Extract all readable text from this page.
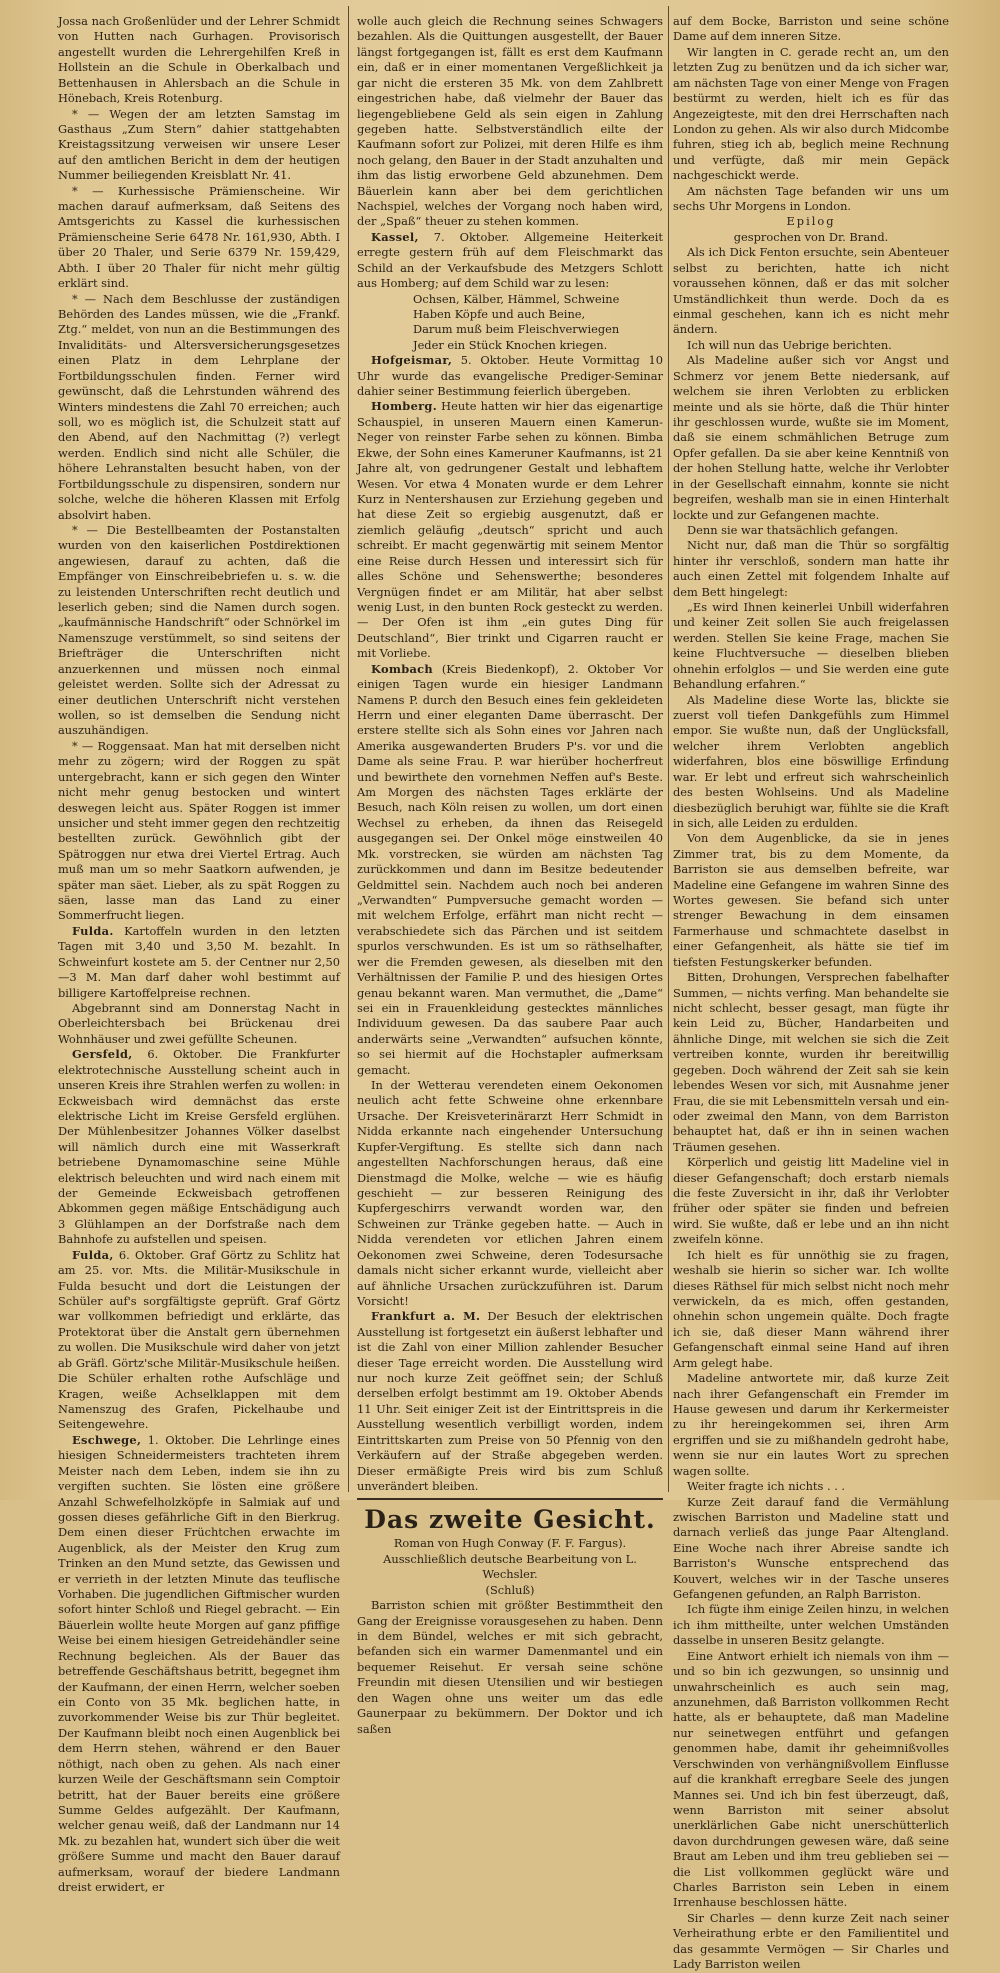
Jossa nach Großenlüder und der Lehrer Schmidt von Hutten nach Gurhagen. Provisorisch angestellt wurden die Lehrergehilfen Kreß in Hollstein an die Schule in Oberkalbach und Bettenhausen in Ahlersbach an die Schule in Hönebach, Kreis Rotenburg.

* — Wegen der am letzten Samstag im Gasthaus „Zum Stern“ dahier stattgehabten Kreistagssitzung verweisen wir unsere Leser auf den amtlichen Bericht in dem der heutigen Nummer beiliegenden Kreisblatt Nr. 41.

* — Kurhessische Prämienscheine. Wir machen darauf aufmerksam, daß Seitens des Amtsgerichts zu Kassel die kurhessischen Prämienscheine Serie 6478 Nr. 161,930, Abth. I über 20 Thaler, und Serie 6379 Nr. 159,429, Abth. I über 20 Thaler für nicht mehr gültig erklärt sind.

* — Nach dem Beschlusse der zuständigen Behörden des Landes müssen, wie die „Frankf. Ztg.“ meldet, von nun an die Bestimmungen des Invaliditäts- und Altersversicherungsgesetzes einen Platz in dem Lehrplane der Fortbildungsschulen finden. Ferner wird gewünscht, daß die Lehrstunden während des Winters mindestens die Zahl 70 erreichen; auch soll, wo es möglich ist, die Schulzeit statt auf den Abend, auf den Nachmittag (?) verlegt werden. Endlich sind nicht alle Schüler, die höhere Lehranstalten besucht haben, von der Fortbildungsschule zu dispensiren, sondern nur solche, welche die höheren Klassen mit Erfolg absolvirt haben.

* — Die Bestellbeamten der Postanstalten wurden von den kaiserlichen Postdirektionen angewiesen, darauf zu achten, daß die Empfänger von Einschreibebriefen u. s. w. die zu leistenden Unterschriften recht deutlich und leserlich geben; sind die Namen durch sogen. „kaufmännische Handschrift“ oder Schnörkel im Namenszuge verstümmelt, so sind seitens der Briefträger die Unterschriften nicht anzuerkennen und müssen noch einmal geleistet werden. Sollte sich der Adressat zu einer deutlichen Unterschrift nicht verstehen wollen, so ist demselben die Sendung nicht auszuhändigen.

* — Roggensaat. Man hat mit derselben nicht mehr zu zögern; wird der Roggen zu spät untergebracht, kann er sich gegen den Winter nicht mehr genug bestocken und wintert deswegen leicht aus. Später Roggen ist immer unsicher und steht immer gegen den rechtzeitig bestellten zurück. Gewöhnlich gibt der Spätroggen nur etwa drei Viertel Ertrag. Auch muß man um so mehr Saatkorn aufwenden, je später man säet. Lieber, als zu spät Roggen zu säen, lasse man das Land zu einer Sommerfrucht liegen.

Fulda. Kartoffeln wurden in den letzten Tagen mit 3,40 und 3,50 M. bezahlt. In Schweinfurt kostete am 5. der Centner nur 2,50—3 M. Man darf daher wohl bestimmt auf billigere Kartoffelpreise rechnen.

Abgebrannt sind am Donnerstag Nacht in Oberleichtersbach bei Brückenau drei Wohnhäuser und zwei gefüllte Scheunen.

Gersfeld, 6. Oktober. Die Frankfurter elektrotechnische Ausstellung scheint auch in unseren Kreis ihre Strahlen werfen zu wollen: in Eckweisbach wird demnächst das erste elektrische Licht im Kreise Gersfeld erglühen. Der Mühlenbesitzer Johannes Völker daselbst will nämlich durch eine mit Wasserkraft betriebene Dynamomaschine seine Mühle elektrisch beleuchten und wird nach einem mit der Gemeinde Eckweisbach getroffenen Abkommen gegen mäßige Entschädigung auch 3 Glühlampen an der Dorfstraße nach dem Bahnhofe zu aufstellen und speisen.

Fulda, 6. Oktober. Graf Görtz zu Schlitz hat am 25. vor. Mts. die Militär-Musikschule in Fulda besucht und dort die Leistungen der Schüler auf's sorgfältigste geprüft. Graf Görtz war vollkommen befriedigt und erklärte, das Protektorat über die Anstalt gern übernehmen zu wollen. Die Musikschule wird daher von jetzt ab Gräfl. Görtz'sche Militär-Musikschule heißen. Die Schüler erhalten rothe Aufschläge und Kragen, weiße Achselklappen mit dem Namenszug des Grafen, Pickelhaube und Seitengewehre.

Eschwege, 1. Oktober. Die Lehrlinge eines hiesigen Schneidermeisters trachteten ihrem Meister nach dem Leben, indem sie ihn zu vergiften suchten. Sie lösten eine größere Anzahl Schwefelholzköpfe in Salmiak auf und gossen dieses gefährliche Gift in den Bierkrug. Dem einen dieser Früchtchen erwachte im Augenblick, als der Meister den Krug zum Trinken an den Mund setzte, das Gewissen und er verrieth in der letzten Minute das teuflische Vorhaben. Die jugendlichen Giftmischer wurden sofort hinter Schloß und Riegel gebracht. — Ein Bäuerlein wollte heute Morgen auf ganz pfiffige Weise bei einem hiesigen Getreidehändler seine Rechnung begleichen. Als der Bauer das betreffende Geschäftshaus betritt, begegnet ihm der Kaufmann, der einen Herrn, welcher soeben ein Conto von 35 Mk. beglichen hatte, in zuvorkommender Weise bis zur Thür begleitet. Der Kaufmann bleibt noch einen Augenblick bei dem Herrn stehen, während er den Bauer nöthigt, nach oben zu gehen. Als nach einer kurzen Weile der Geschäftsmann sein Comptoir betritt, hat der Bauer bereits eine größere Summe Geldes aufgezählt. Der Kaufmann, welcher genau weiß, daß der Landmann nur 14 Mk. zu bezahlen hat, wundert sich über die weit größere Summe und macht den Bauer darauf aufmerksam, worauf der biedere Landmann dreist erwidert, er

wolle auch gleich die Rechnung seines Schwagers bezahlen. Als die Quittungen ausgestellt, der Bauer längst fortgegangen ist, fällt es erst dem Kaufmann ein, daß er in einer momentanen Vergeßlichkeit ja gar nicht die ersteren 35 Mk. von dem Zahlbrett eingestrichen habe, daß vielmehr der Bauer das liegengebliebene Geld als sein eigen in Zahlung gegeben hatte. Selbstverständlich eilte der Kaufmann sofort zur Polizei, mit deren Hilfe es ihm noch gelang, den Bauer in der Stadt anzuhalten und ihm das listig erworbene Geld abzunehmen. Dem Bäuerlein kann aber bei dem gerichtlichen Nachspiel, welches der Vorgang noch haben wird, der „Spaß“ theuer zu stehen kommen.

Kassel, 7. Oktober. Allgemeine Heiterkeit erregte gestern früh auf dem Fleischmarkt das Schild an der Verkaufsbude des Metzgers Schlott aus Homberg; auf dem Schild war zu lesen:

Ochsen, Kälber, Hämmel, Schweine
Haben Köpfe und auch Beine,
Darum muß beim Fleischverwiegen
Jeder ein Stück Knochen kriegen.

Hofgeismar, 5. Oktober. Heute Vormittag 10 Uhr wurde das evangelische Prediger-Seminar dahier seiner Bestimmung feierlich übergeben.

Homberg. Heute hatten wir hier das eigenartige Schauspiel, in unseren Mauern einen Kamerun-Neger von reinster Farbe sehen zu können. Bimba Ekwe, der Sohn eines Kameruner Kaufmanns, ist 21 Jahre alt, von gedrungener Gestalt und lebhaftem Wesen. Vor etwa 4 Monaten wurde er dem Lehrer Kurz in Nentershausen zur Erziehung gegeben und hat diese Zeit so ergiebig ausgenutzt, daß er ziemlich geläufig „deutsch“ spricht und auch schreibt. Er macht gegenwärtig mit seinem Mentor eine Reise durch Hessen und interessirt sich für alles Schöne und Sehenswerthe; besonderes Vergnügen findet er am Militär, hat aber selbst wenig Lust, in den bunten Rock gesteckt zu werden. — Der Ofen ist ihm „ein gutes Ding für Deutschland“, Bier trinkt und Cigarren raucht er mit Vorliebe.

Kombach (Kreis Biedenkopf), 2. Oktober Vor einigen Tagen wurde ein hiesiger Landmann Namens P. durch den Besuch eines fein gekleideten Herrn und einer eleganten Dame überrascht. Der erstere stellte sich als Sohn eines vor Jahren nach Amerika ausgewanderten Bruders P's. vor und die Dame als seine Frau. P. war hierüber hocherfreut und bewirthete den vornehmen Neffen auf's Beste. Am Morgen des nächsten Tages erklärte der Besuch, nach Köln reisen zu wollen, um dort einen Wechsel zu erheben, da ihnen das Reisegeld ausgegangen sei. Der Onkel möge einstweilen 40 Mk. vorstrecken, sie würden am nächsten Tag zurückkommen und dann im Besitze bedeutender Geldmittel sein. Nachdem auch noch bei anderen „Verwandten“ Pumpversuche gemacht worden — mit welchem Erfolge, erfährt man nicht recht — verabschiedete sich das Pärchen und ist seitdem spurlos verschwunden. Es ist um so räthselhafter, wer die Fremden gewesen, als dieselben mit den Verhältnissen der Familie P. und des hiesigen Ortes genau bekannt waren. Man vermuthet, die „Dame“ sei ein in Frauenkleidung gestecktes männliches Individuum gewesen. Da das saubere Paar auch anderwärts seine „Verwandten“ aufsuchen könnte, so sei hiermit auf die Hochstapler aufmerksam gemacht.

In der Wetterau verendeten einem Oekonomen neulich acht fette Schweine ohne erkennbare Ursache. Der Kreisveterinärarzt Herr Schmidt in Nidda erkannte nach eingehender Untersuchung Kupfer-Vergiftung. Es stellte sich dann nach angestellten Nachforschungen heraus, daß eine Dienstmagd die Molke, welche — wie es häufig geschieht — zur besseren Reinigung des Kupfergeschirrs verwandt worden war, den Schweinen zur Tränke gegeben hatte. — Auch in Nidda verendeten vor etlichen Jahren einem Oekonomen zwei Schweine, deren Todesursache damals nicht sicher erkannt wurde, vielleicht aber auf ähnliche Ursachen zurückzuführen ist. Darum Vorsicht!

Frankfurt a. M. Der Besuch der elektrischen Ausstellung ist fortgesetzt ein äußerst lebhafter und ist die Zahl von einer Million zahlender Besucher dieser Tage erreicht worden. Die Ausstellung wird nur noch kurze Zeit geöffnet sein; der Schluß derselben erfolgt bestimmt am 19. Oktober Abends 11 Uhr. Seit einiger Zeit ist der Eintrittspreis in die Ausstellung wesentlich verbilligt worden, indem Eintrittskarten zum Preise von 50 Pfennig von den Verkäufern auf der Straße abgegeben werden. Dieser ermäßigte Preis wird bis zum Schluß unverändert bleiben.

Das zweite Gesicht.

Roman von Hugh Conway (F. F. Fargus).

Ausschließlich deutsche Bearbeitung von L. Wechsler.

(Schluß)

Barriston schien mit größter Bestimmtheit den Gang der Ereignisse vorausgesehen zu haben. Denn in dem Bündel, welches er mit sich gebracht, befanden sich ein warmer Damenmantel und ein bequemer Reisehut. Er versah seine schöne Freundin mit diesen Utensilien und wir bestiegen den Wagen ohne uns weiter um das edle Gaunerpaar zu bekümmern. Der Doktor und ich saßen

auf dem Bocke, Barriston und seine schöne Dame auf dem inneren Sitze.

Wir langten in C. gerade recht an, um den letzten Zug zu benützen und da ich sicher war, am nächsten Tage von einer Menge von Fragen bestürmt zu werden, hielt ich es für das Angezeigteste, mit den drei Herrschaften nach London zu gehen. Als wir also durch Midcombe fuhren, stieg ich ab, beglich meine Rechnung und verfügte, daß mir mein Gepäck nachgeschickt werde.

Am nächsten Tage befanden wir uns um sechs Uhr Morgens in London.

Epilog

gesprochen von Dr. Brand.

Als ich Dick Fenton ersuchte, sein Abenteuer selbst zu berichten, hatte ich nicht voraussehen können, daß er das mit solcher Umständlichkeit thun werde. Doch da es einmal geschehen, kann ich es nicht mehr ändern.

Ich will nun das Uebrige berichten.

Als Madeline außer sich vor Angst und Schmerz vor jenem Bette niedersank, auf welchem sie ihren Verlobten zu erblicken meinte und als sie hörte, daß die Thür hinter ihr geschlossen wurde, wußte sie im Moment, daß sie einem schmählichen Betruge zum Opfer gefallen. Da sie aber keine Kenntniß von der hohen Stellung hatte, welche ihr Verlobter in der Gesellschaft einnahm, konnte sie nicht begreifen, weshalb man sie in einen Hinterhalt lockte und zur Gefangenen machte.

Denn sie war thatsächlich gefangen.

Nicht nur, daß man die Thür so sorgfältig hinter ihr verschloß, sondern man hatte ihr auch einen Zettel mit folgendem Inhalte auf dem Bett hingelegt:

„Es wird Ihnen keinerlei Unbill widerfahren und keiner Zeit sollen Sie auch freigelassen werden. Stellen Sie keine Frage, machen Sie keine Fluchtversuche — dieselben blieben ohnehin erfolglos — und Sie werden eine gute Behandlung erfahren.“

Als Madeline diese Worte las, blickte sie zuerst voll tiefen Dankgefühls zum Himmel empor. Sie wußte nun, daß der Unglücksfall, welcher ihrem Verlobten angeblich widerfahren, blos eine böswillige Erfindung war. Er lebt und erfreut sich wahrscheinlich des besten Wohlseins. Und als Madeline diesbezüglich beruhigt war, fühlte sie die Kraft in sich, alle Leiden zu erdulden.

Von dem Augenblicke, da sie in jenes Zimmer trat, bis zu dem Momente, da Barriston sie aus demselben befreite, war Madeline eine Gefangene im wahren Sinne des Wortes gewesen. Sie befand sich unter strenger Bewachung in dem einsamen Farmerhause und schmachtete daselbst in einer Gefangenheit, als hätte sie tief im tiefsten Festungskerker befunden.

Bitten, Drohungen, Versprechen fabelhafter Summen, — nichts verfing. Man behandelte sie nicht schlecht, besser gesagt, man fügte ihr kein Leid zu, Bücher, Handarbeiten und ähnliche Dinge, mit welchen sie sich die Zeit vertreiben konnte, wurden ihr bereitwillig gegeben. Doch während der Zeit sah sie kein lebendes Wesen vor sich, mit Ausnahme jener Frau, die sie mit Lebensmitteln versah und ein- oder zweimal den Mann, von dem Barriston behauptet hat, daß er ihn in seinen wachen Träumen gesehen.

Körperlich und geistig litt Madeline viel in dieser Gefangenschaft; doch erstarb niemals die feste Zuversicht in ihr, daß ihr Verlobter früher oder später sie finden und befreien wird. Sie wußte, daß er lebe und an ihn nicht zweifeln könne.

Ich hielt es für unnöthig sie zu fragen, weshalb sie hierin so sicher war. Ich wollte dieses Räthsel für mich selbst nicht noch mehr verwickeln, da es mich, offen gestanden, ohnehin schon ungemein quälte. Doch fragte ich sie, daß dieser Mann während ihrer Gefangenschaft einmal seine Hand auf ihren Arm gelegt habe.

Madeline antwortete mir, daß kurze Zeit nach ihrer Gefangenschaft ein Fremder im Hause gewesen und darum ihr Kerkermeister zu ihr hereingekommen sei, ihren Arm ergriffen und sie zu mißhandeln gedroht habe, wenn sie nur ein lautes Wort zu sprechen wagen sollte.

Weiter fragte ich nichts . . .

Kurze Zeit darauf fand die Vermählung zwischen Barriston und Madeline statt und darnach verließ das junge Paar Altengland. Eine Woche nach ihrer Abreise sandte ich Barriston's Wunsche entsprechend das Kouvert, welches wir in der Tasche unseres Gefangenen gefunden, an Ralph Barriston.

Ich fügte ihm einige Zeilen hinzu, in welchen ich ihm mittheilte, unter welchen Umständen dasselbe in unseren Besitz gelangte.

Eine Antwort erhielt ich niemals von ihm — und so bin ich gezwungen, so unsinnig und unwahrscheinlich es auch sein mag, anzunehmen, daß Barriston vollkommen Recht hatte, als er behauptete, daß man Madeline nur seinetwegen entführt und gefangen genommen habe, damit ihr geheimnißvolles Verschwinden von verhängnißvollem Einflusse auf die krankhaft erregbare Seele des jungen Mannes sei. Und ich bin fest überzeugt, daß, wenn Barriston mit seiner absolut unerklärlichen Gabe nicht unerschütterlich davon durchdrungen gewesen wäre, daß seine Braut am Leben und ihm treu geblieben sei — die List vollkommen geglückt wäre und Charles Barriston sein Leben in einem Irrenhause beschlossen hätte.

Sir Charles — denn kurze Zeit nach seiner Verheirathung erbte er den Familientitel und das gesammte Vermögen — Sir Charles und Lady Barriston weilen
